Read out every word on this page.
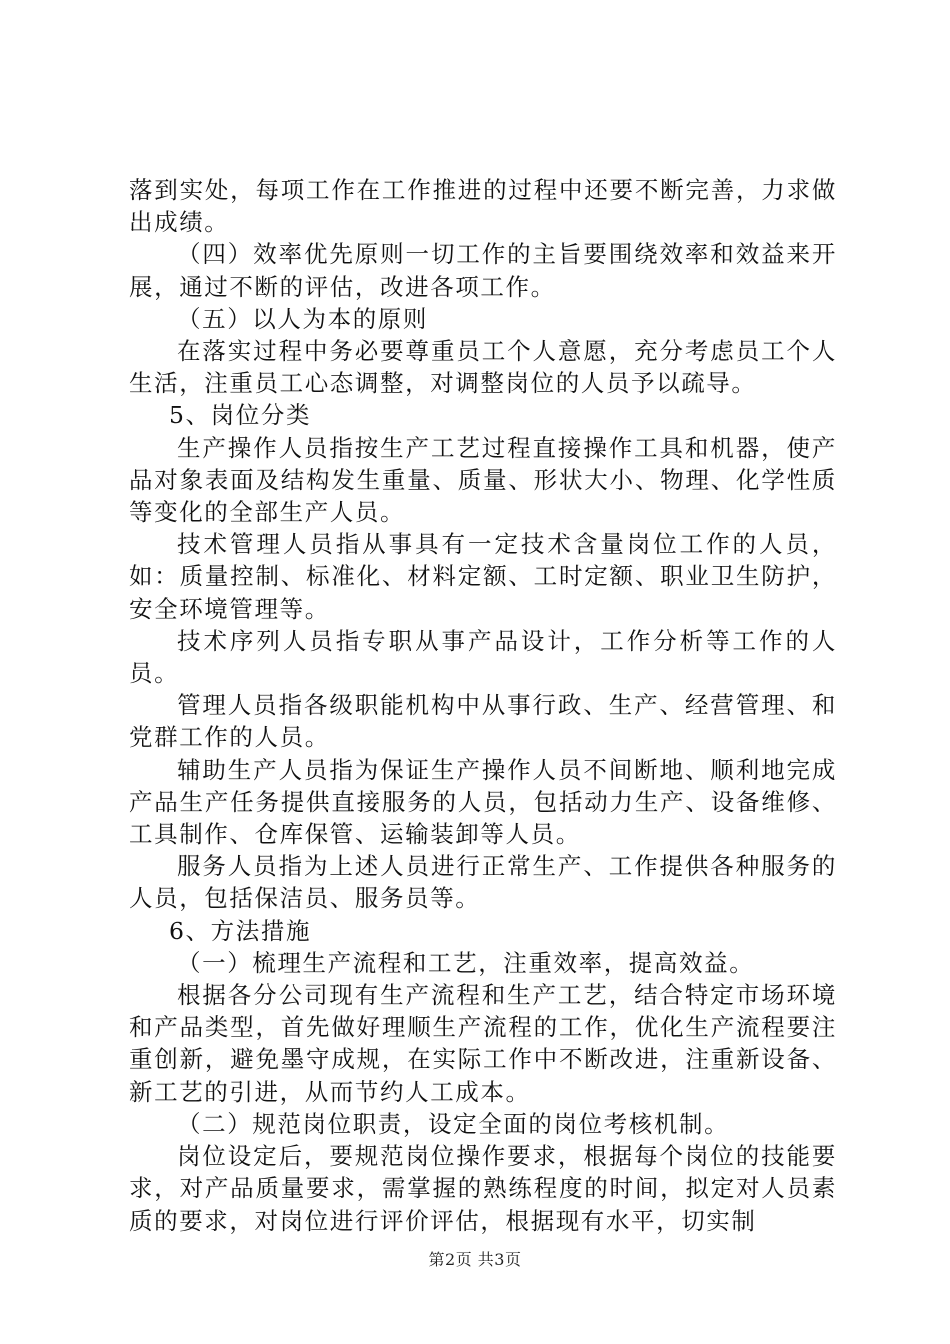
落到实处，每项工作在工作推进的过程中还要不断完善，力求做出成绩。

（四）效率优先原则一切工作的主旨要围绕效率和效益来开展，通过不断的评估，改进各项工作。

（五）以人为本的原则

在落实过程中务必要尊重员工个人意愿，充分考虑员工个人生活，注重员工心态调整，对调整岗位的人员予以疏导。

5、岗位分类

生产操作人员指按生产工艺过程直接操作工具和机器，使产品对象表面及结构发生重量、质量、形状大小、物理、化学性质等变化的全部生产人员。

技术管理人员指从事具有一定技术含量岗位工作的人员，如：质量控制、标准化、材料定额、工时定额、职业卫生防护，安全环境管理等。

技术序列人员指专职从事产品设计，工作分析等工作的人员。

管理人员指各级职能机构中从事行政、生产、经营管理、和党群工作的人员。

辅助生产人员指为保证生产操作人员不间断地、顺利地完成产品生产任务提供直接服务的人员，包括动力生产、设备维修、工具制作、仓库保管、运输装卸等人员。

服务人员指为上述人员进行正常生产、工作提供各种服务的人员，包括保洁员、服务员等。

6、方法措施

（一）梳理生产流程和工艺，注重效率，提高效益。

根据各分公司现有生产流程和生产工艺，结合特定市场环境和产品类型，首先做好理顺生产流程的工作，优化生产流程要注重创新，避免墨守成规，在实际工作中不断改进，注重新设备、新工艺的引进，从而节约人工成本。

（二）规范岗位职责，设定全面的岗位考核机制。

岗位设定后，要规范岗位操作要求，根据每个岗位的技能要求，对产品质量要求，需掌握的熟练程度的时间，拟定对人员素质的要求，对岗位进行评价评估，根据现有水平，切实制

第2页 共3页
